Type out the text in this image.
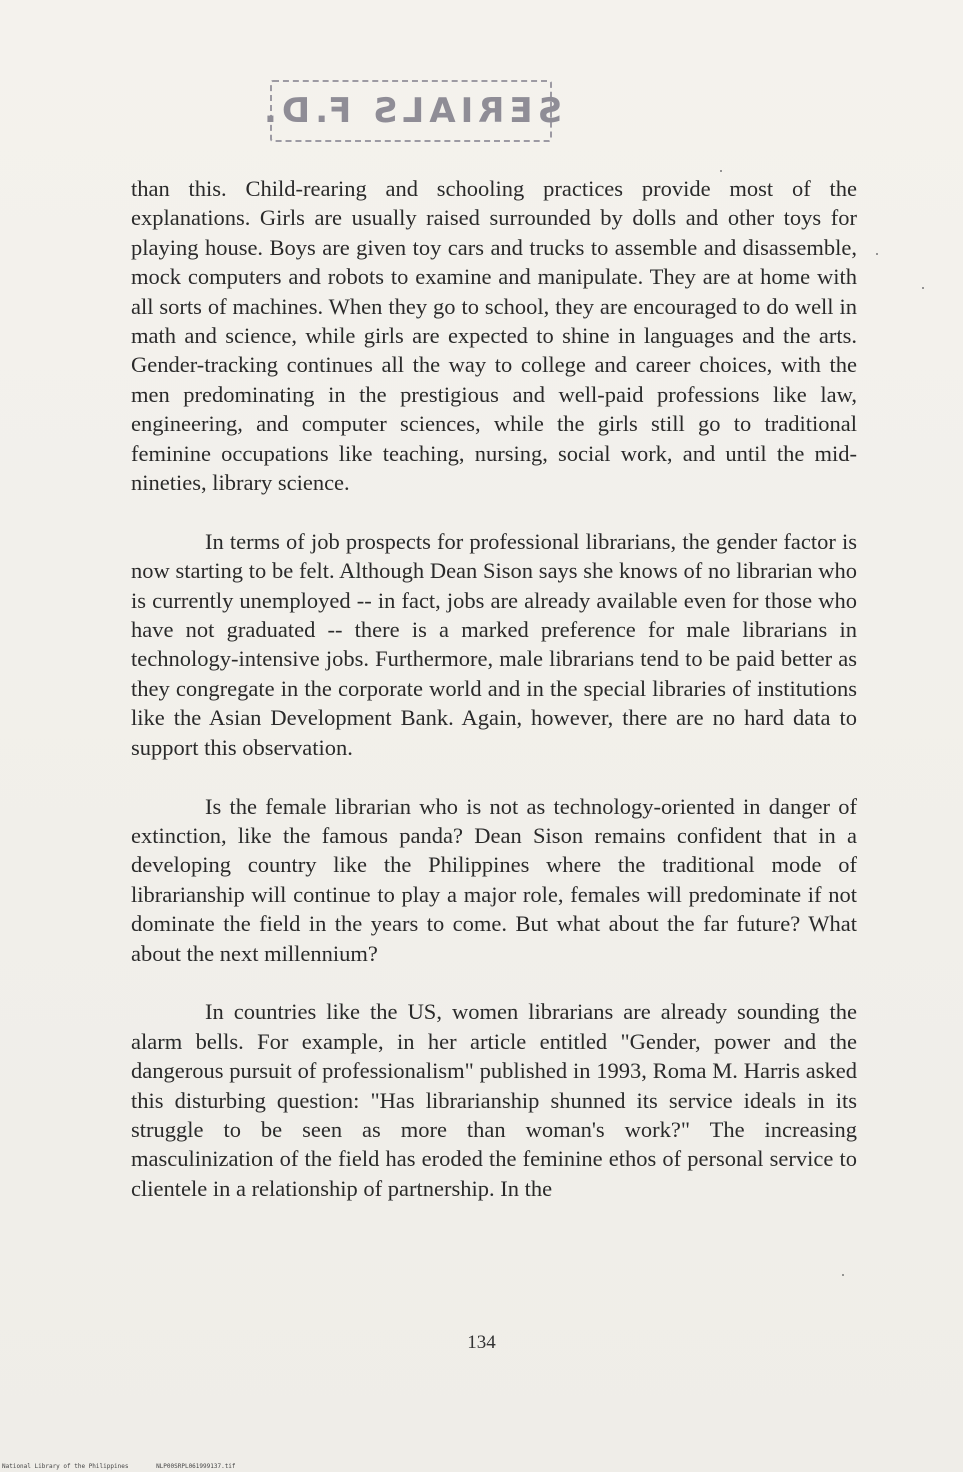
SERIALS F.D.

than this. Child-rearing and schooling practices provide most of the explanations. Girls are usually raised surrounded by dolls and other toys for playing house. Boys are given toy cars and trucks to assemble and disassemble, mock computers and robots to examine and manipulate. They are at home with all sorts of machines. When they go to school, they are encouraged to do well in math and science, while girls are expected to shine in languages and the arts. Gender-tracking continues all the way to college and career choices, with the men predominating in the prestigious and well-paid professions like law, engineering, and computer sciences, while the girls still go to traditional feminine occupations like teaching, nursing, social work, and until the mid-nineties, library science.

In terms of job prospects for professional librarians, the gender factor is now starting to be felt. Although Dean Sison says she knows of no librarian who is currently unemployed -- in fact, jobs are already available even for those who have not graduated -- there is a marked preference for male librarians in technology-intensive jobs. Furthermore, male librarians tend to be paid better as they congregate in the corporate world and in the special libraries of institutions like the Asian Development Bank. Again, however, there are no hard data to support this observation.

Is the female librarian who is not as technology-oriented in danger of extinction, like the famous panda? Dean Sison remains confident that in a developing country like the Philippines where the traditional mode of librarianship will continue to play a major role, females will predominate if not dominate the field in the years to come. But what about the far future? What about the next millennium?

In countries like the US, women librarians are already sounding the alarm bells. For example, in her article entitled "Gender, power and the dangerous pursuit of professionalism" published in 1993, Roma M. Harris asked this disturbing question: "Has librarianship shunned its service ideals in its struggle to be seen as more than woman's work?" The increasing masculinization of the field has eroded the feminine ethos of personal service to clientele in a relationship of partnership. In the

134
National Library of the Philippines	NLP00SRPL061999137.tif
